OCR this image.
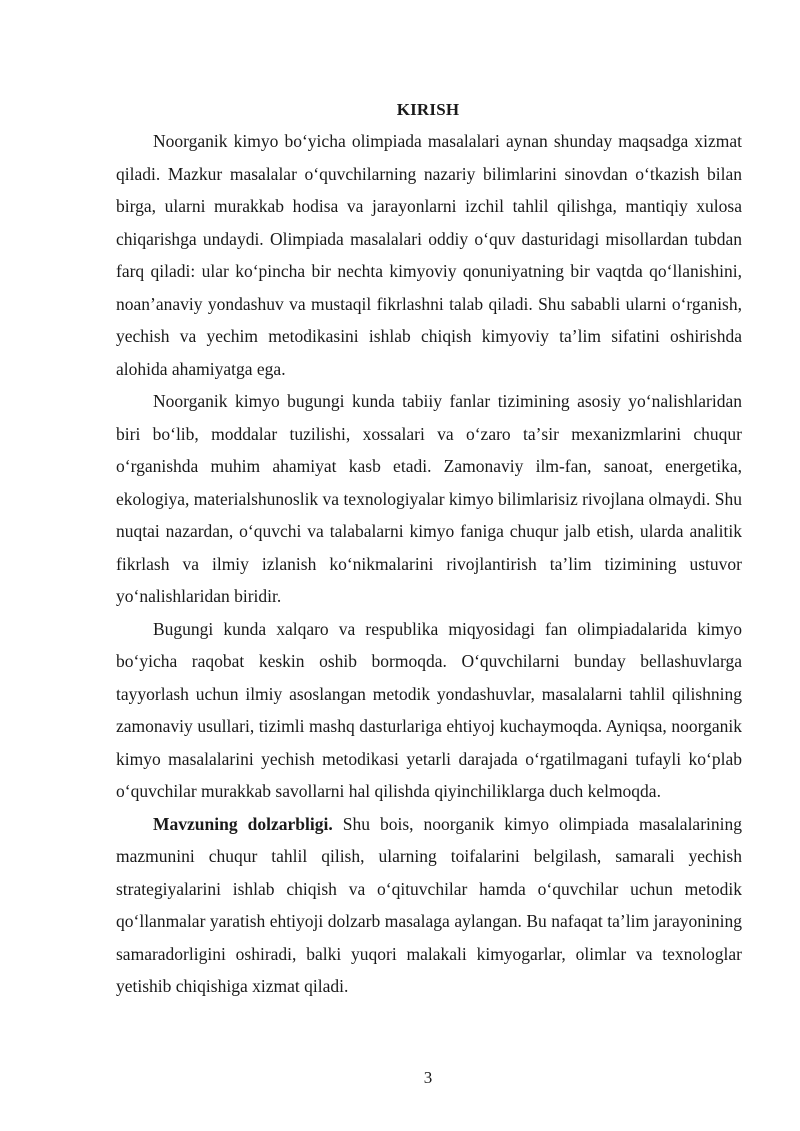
KIRISH

Noorganik kimyo boʻyicha olimpiada masalalari aynan shunday maqsadga xizmat qiladi. Mazkur masalalar oʻquvchilarning nazariy bilimlarini sinovdan oʻtkazish bilan birga, ularni murakkab hodisa va jarayonlarni izchil tahlil qilishga, mantiqiy xulosa chiqarishga undaydi. Olimpiada masalalari oddiy oʻquv dasturidagi misollardan tubdan farq qiladi: ular koʻpincha bir nechta kimyoviy qonuniyatning bir vaqtda qoʻllanishini, noanʼanaviy yondashuv va mustaqil fikrlashni talab qiladi. Shu sababli ularni oʻrganish, yechish va yechim metodikasini ishlab chiqish kimyoviy taʼlim sifatini oshirishda alohida ahamiyatga ega.

Noorganik kimyo bugungi kunda tabiiy fanlar tizimining asosiy yoʻnalishlaridan biri boʻlib, moddalar tuzilishi, xossalari va oʻzaro taʼsir mexanizmlarini chuqur oʻrganishda muhim ahamiyat kasb etadi. Zamonaviy ilm-fan, sanoat, energetika, ekologiya, materialshunoslik va texnologiyalar kimyo bilimlarisiz rivojlana olmaydi. Shu nuqtai nazardan, oʻquvchi va talabalarni kimyo faniga chuqur jalb etish, ularda analitik fikrlash va ilmiy izlanish koʻnikmalarini rivojlantirish taʼlim tizimining ustuvor yoʻnalishlaridan biridir.

Bugungi kunda xalqaro va respublika miqyosidagi fan olimpiadalarida kimyo boʻyicha raqobat keskin oshib bormoqda. Oʻquvchilarni bunday bellashuvlarga tayyorlash uchun ilmiy asoslangan metodik yondashuvlar, masalalarni tahlil qilishning zamonaviy usullari, tizimli mashq dasturlariga ehtiyoj kuchaymoqda. Ayniqsa, noorganik kimyo masalalarini yechish metodikasi yetarli darajada oʻrgatilmagani tufayli koʻplab oʻquvchilar murakkab savollarni hal qilishda qiyinchiliklarga duch kelmoqda.

Mavzuning dolzarbligi. Shu bois, noorganik kimyo olimpiada masalalarining mazmunini chuqur tahlil qilish, ularning toifalarini belgilash, samarali yechish strategiyalarini ishlab chiqish va oʻqituvchilar hamda oʻquvchilar uchun metodik qoʻllanmalar yaratish ehtiyoji dolzarb masalaga aylangan. Bu nafaqat taʼlim jarayonining samaradorligini oshiradi, balki yuqori malakali kimyogarlar, olimlar va texnologlar yetishib chiqishiga xizmat qiladi.

3
